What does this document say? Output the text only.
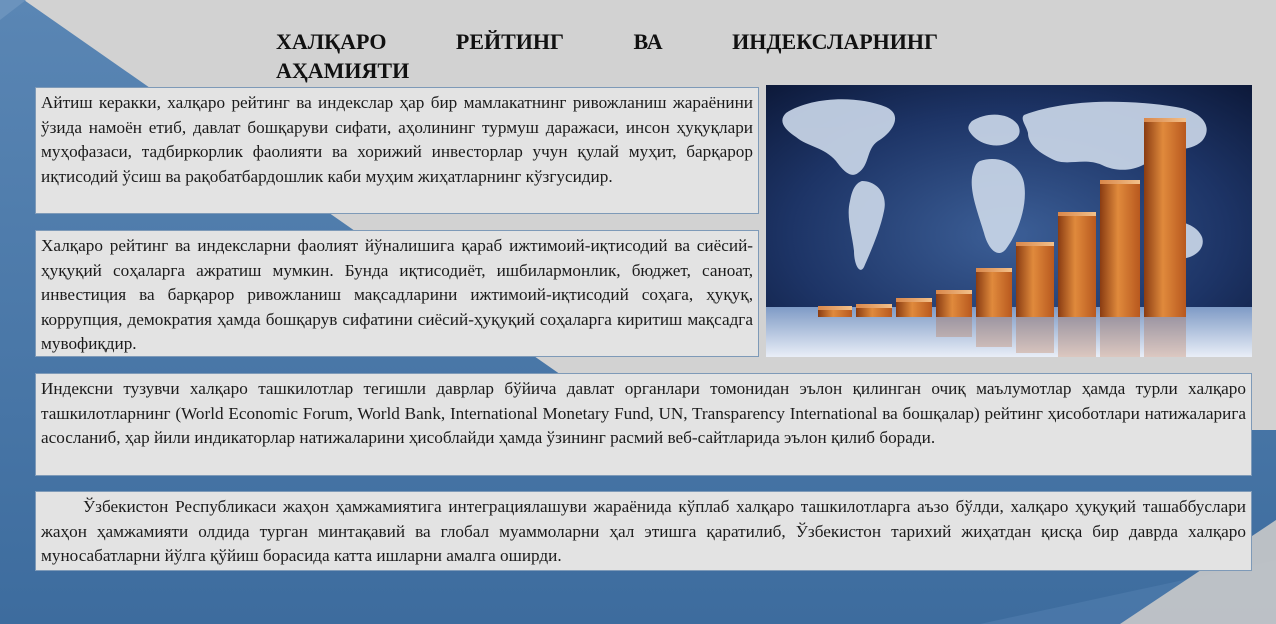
ХАЛҚАРО РЕЙТИНГ ВА ИНДЕКСЛАРНИНГ
АҲАМИЯТИ

Айтиш керакки, халқаро рейтинг ва индекслар ҳар бир мамлакатнинг ривожланиш жараёнини ўзида намоён етиб, давлат бошқаруви сифати, аҳолининг турмуш даражаси, инсон ҳуқуқлари муҳофазаси, тадбиркорлик фаолияти ва хорижий инвесторлар учун қулай муҳит, барқарор иқтисодий ўсиш ва рақобатбардошлик каби муҳим жиҳатларнинг кўзгусидир.

Халқаро рейтинг ва индексларни фаолият йўналишига қараб ижтимоий-иқтисодий ва сиёсий-ҳуқуқий соҳаларга ажратиш мумкин. Бунда иқтисодиёт, ишбилармонлик, бюджет, саноат, инвестиция ва барқарор ривожланиш мақсадларини ижтимоий-иқтисодий соҳага, ҳуқуқ, коррупция, демократия ҳамда бошқарув сифатини сиёсий-ҳуқуқий соҳаларга киритиш мақсадга мувофиқдир.

Индексни тузувчи халқаро ташкилотлар тегишли даврлар бўйича давлат органлари томонидан эълон қилинган очиқ маълумотлар ҳамда турли халқаро ташкилотларнинг (World Economic Forum, World Bank, International Monetary Fund, UN, Transparency International ва бошқалар) рейтинг ҳисоботлари натижаларига асосланиб, ҳар йили индикаторлар натижаларини ҳисоблайди ҳамда ўзининг расмий веб-сайтларида эълон қилиб боради.

Ўзбекистон Республикаси жаҳон ҳамжамиятига интеграциялашуви жараёнида кўплаб халқаро ташкилотларга аъзо бўлди, халқаро ҳуқуқий ташаббуслари жаҳон ҳамжамияти олдида турган минтақавий ва глобал муаммоларни ҳал этишга қаратилиб, Ўзбекистон тарихий жиҳатдан қисқа бир даврда халқаро муносабатларни йўлга қўйиш борасида катта ишларни амалга оширди.
